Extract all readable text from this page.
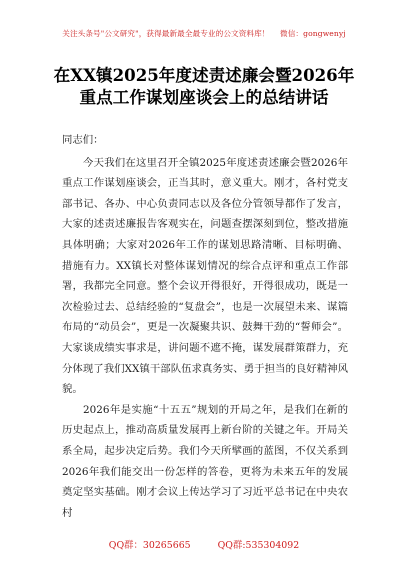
关注头条号"公文研究"，获得最新最全最专业的公文资料库！ 微信：gongwenyj
在XX镇2025年度述责述廉会暨2026年
重点工作谋划座谈会上的总结讲话

同志们：

今天我们在这里召开全镇2025年度述责述廉会暨2026年重点工作谋划座谈会，正当其时，意义重大。刚才，各村党支部书记、各办、中心负责同志以及各位分管领导都作了发言，大家的述责述廉报告客观实在，问题查摆深刻到位，整改措施具体明确；大家对2026年工作的谋划思路清晰、目标明确、措施有力。XX镇长对整体谋划情况的综合点评和重点工作部署，我都完全同意。整个会议开得很好，开得很成功，既是一次检验过去、总结经验的“复盘会”，也是一次展望未来、谋篇布局的“动员会”，更是一次凝聚共识、鼓舞干劲的“誓师会”。大家谈成绩实事求是，讲问题不遮不掩，谋发展群策群力，充分体现了我们XX镇干部队伍求真务实、勇于担当的良好精神风貌。

2026年是实施“十五五”规划的开局之年，是我们在新的历史起点上，推动高质量发展再上新台阶的关键之年。开局关系全局，起步决定后势。我们今天所擘画的蓝图，不仅关系到2026年我们能交出一份怎样的答卷，更将为未来五年的发展奠定坚实基础。刚才会议上传达学习了习近平总书记在中央农村

QQ群：30265665	QQ群:535304092
